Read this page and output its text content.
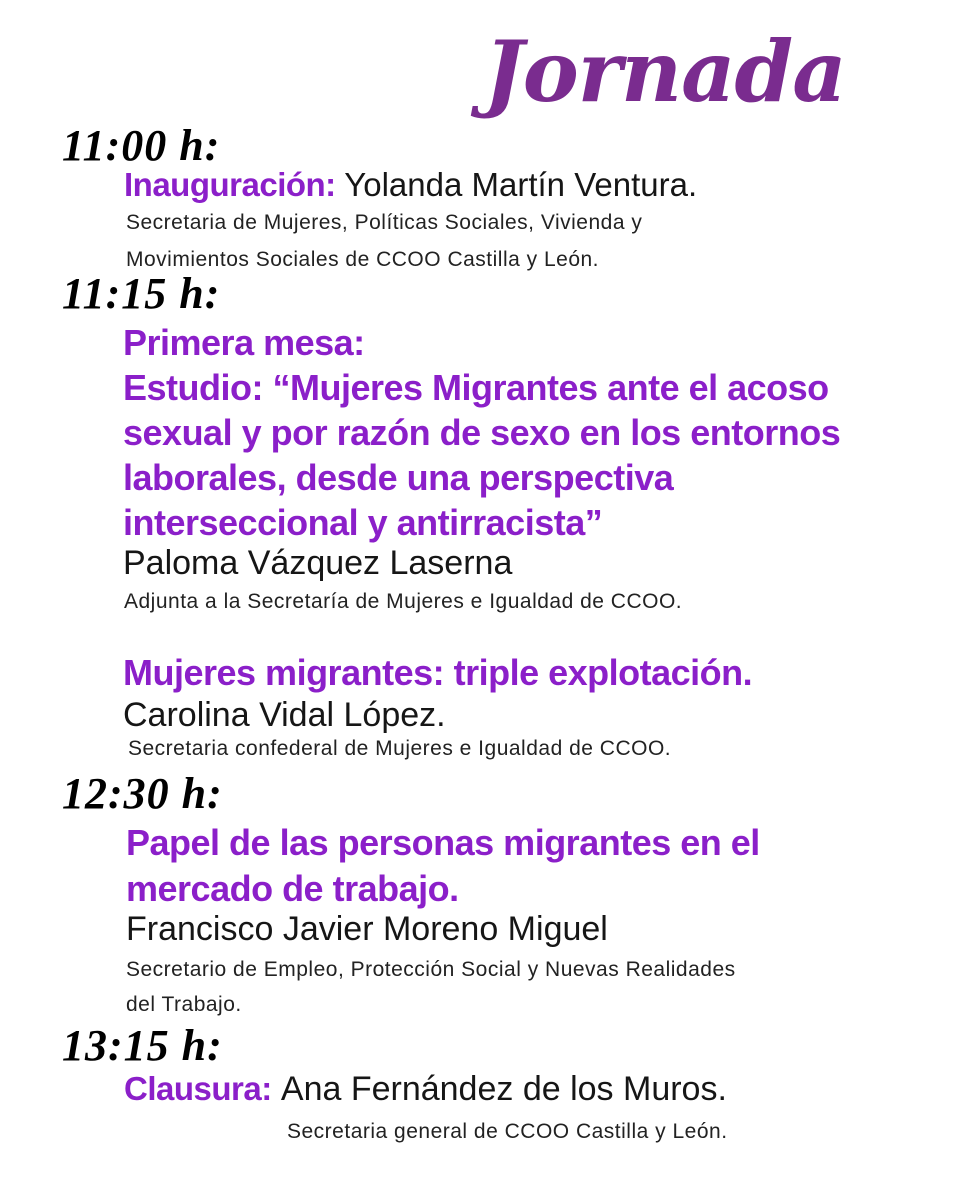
Jornada
11:00 h:
Inauguración: Yolanda Martín Ventura.
Secretaria de Mujeres, Políticas Sociales, Vivienda y
Movimientos Sociales de CCOO Castilla y León.
11:15 h:
Primera mesa:
Estudio: “Mujeres Migrantes ante el acoso
sexual y por razón de sexo en los entornos
laborales, desde una perspectiva
interseccional y antirracista”
Paloma Vázquez Laserna
Adjunta a la Secretaría de Mujeres e Igualdad de CCOO.
Mujeres migrantes: triple explotación.
Carolina Vidal López.
Secretaria confederal de Mujeres e Igualdad de CCOO.
12:30 h:
Papel de las personas migrantes en el
mercado de trabajo.
Francisco Javier Moreno Miguel
Secretario de Empleo, Protección Social y Nuevas Realidades
del Trabajo.
13:15 h:
Clausura: Ana Fernández de los Muros.
Secretaria general de CCOO Castilla y León.
